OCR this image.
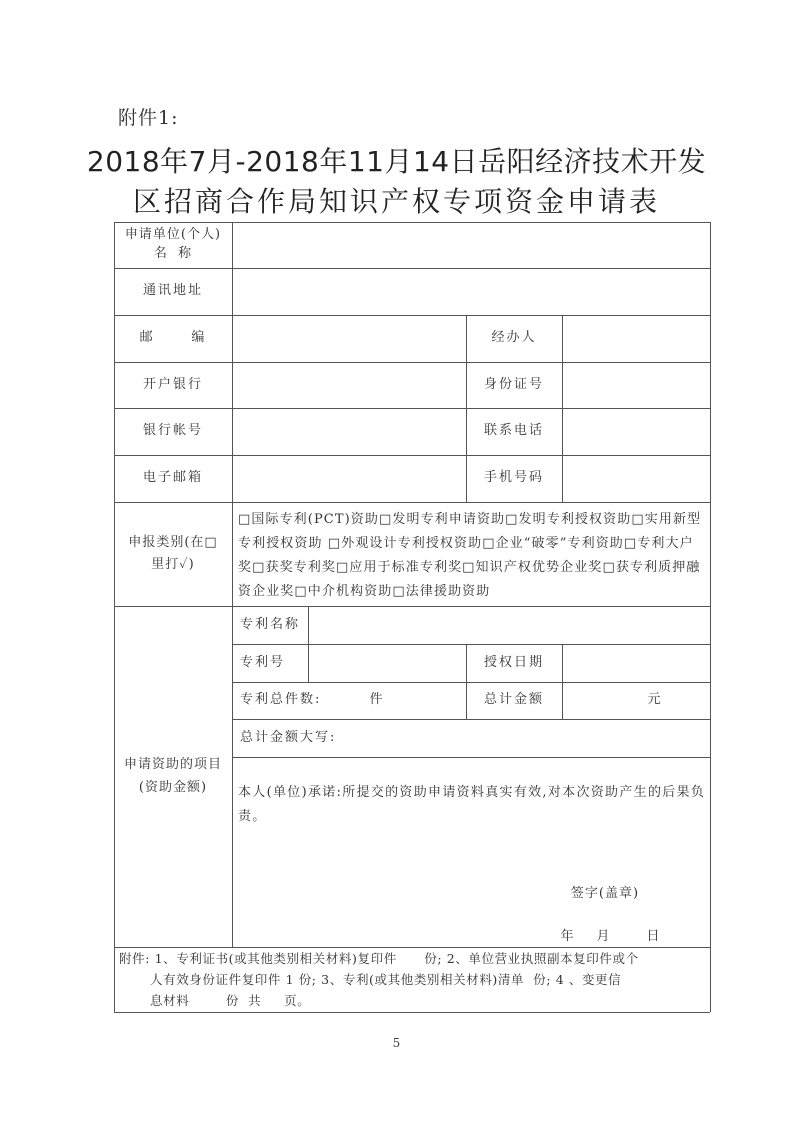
附件1:
2018年7月-2018年11月14日岳阳经济技术开发
区招商合作局知识产权专项资金申请表
申请单位(个人)
名  称
通讯地址
邮      编	经办人
开户银行	身份证号
银行帐号	联系电话
电子邮箱	手机号码
申报类别(在□
里打✓)
□国际专利(PCT)资助□发明专利申请资助□发明专利授权资助□实用新型专利授权资助 □外观设计专利授权资助□企业“破零”专利资助□专利大户奖□获奖专利奖□应用于标准专利奖□知识产权优势企业奖□获专利质押融资企业奖□中介机构资助□法律援助资助
申请资助的项目
(资助金额)
专利名称
专利号	授权日期
专利总件数:	件	总计金额	元
总计金额大写:
本人(单位)承诺:所提交的资助申请资料真实有效,对本次资助产生的后果负责。
签字(盖章)
年 月	日
附件: 1、专利证书(或其他类别相关材料)复印件      份; 2、单位营业执照副本复印件或个
人有效身份证件复印件 1 份; 3、专利(或其他类别相关材料)清单  份; 4 、变更信
息材料        份  共     页。
5
